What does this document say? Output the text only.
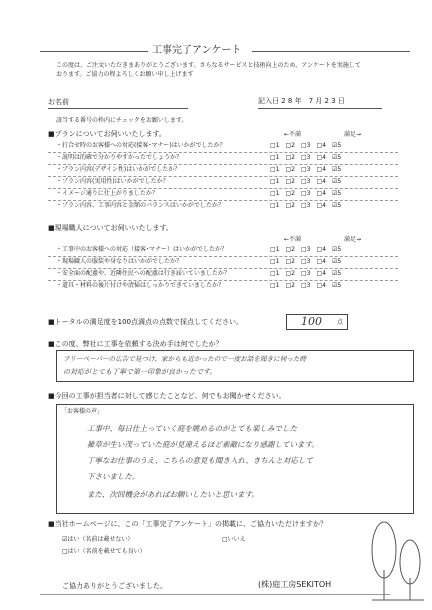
工事完了アンケート
この度は、ご注文いただきまありがとうございます。さらなるサービスと技術向上のため、アンケートを実施して
おります。ご協力の程よろしくお願い申し上げます
お名前	記入日 2 8 年　7 月 2 3 日
該当する番号の枠内にチェックをお願いします。
■プランについてお伺いいたします。	←不満	満足→
・打合せ時のお客様への対応(接客･マナー)はいかがでしたか？	□1　□2　□3　□4　☑5
・説明は的確で分かりやすかったでしょうか？	□1　□2　□3　□4　☑5
・プラン内容(デザイン性)はいかがでしたか？	□1　□2　□3　□4　☑5
・プラン内容(実用性)はいかがでしたか？	□1　□2　□3　□4　☑5
・イメージ通りに仕上がりましたか？	□1　□2　□3　□4　☑5
・プラン内容、工事内容と金額のバランスはいかがでしたか？	□1　□2　□3　□4　☑5
■現場職人についてお伺いいたします。
←不満	満足→
・工事中のお客様への対応（接客･マナー）はいかがでしたか？	□1　□2　□3　□4　☑5
・現場職人の服装や身なりはいかがでしたか？	□1　□2　□3　□4　☑5
・安全面の配慮や、近隣住民への配慮は行き届いていましたか？	□1　□2　□3　□4　☑5
・道具・材料の後片付けや清掃はしっかりできていましたか？	□1　□2　□3　□4　☑5
■トータルの満足度を100点満点の点数で採点してください。	100	点
■この度、弊社に工事を依頼する決め手は何でしたか？
フリーペーパーの広告で見つけ、家からも近かったので一度お話を聞きに伺った時
の対応がとても丁寧で第一印象が良かったです。
■今回の工事が担当者に対して感じたことなど、何でもお聞かせください。
「お客様の声」
工事中、毎日仕上っていく庭を眺めるのがとても楽しみでした
雑草が生い茂っていた庭が見違えるほど素敵になり感謝しています。
丁寧なお仕事のうえ、こちらの意見も聞き入れ、きちんと対応して
下さいました。
また、次回機会があればお願いしたいと思います。
■当社ホームページに、この「工事完了アンケート」の掲載に、ご協力いただけますか？
☑はい（名前は載せない）	□いいえ
□はい（名前を載せても良い）
ご協力ありがとうございました。	(株)庭工房SEKITOH
